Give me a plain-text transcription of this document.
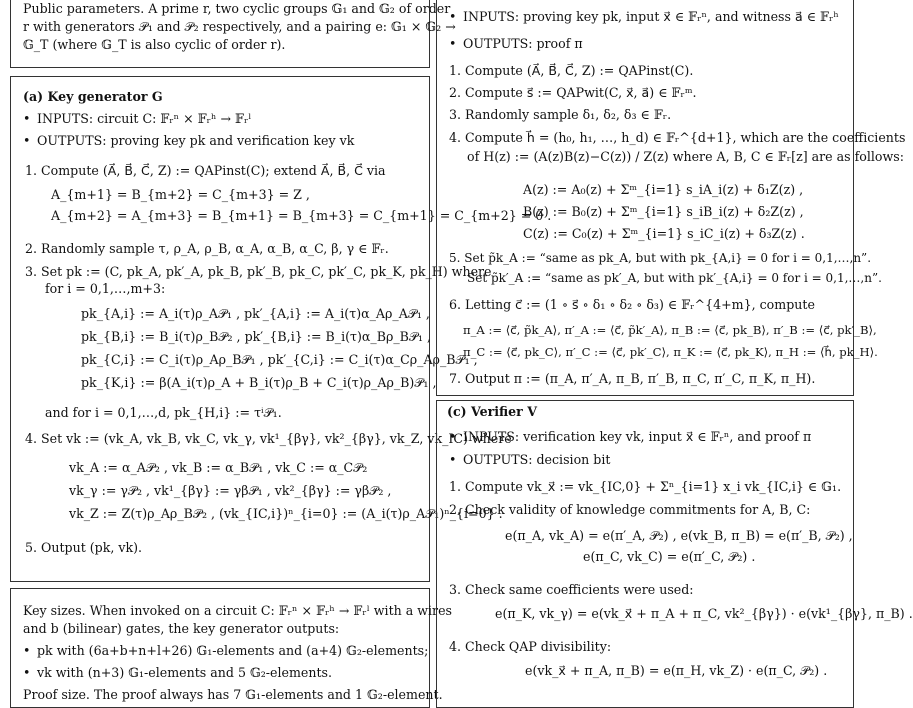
Public parameters. A prime r, two cyclic groups 𝔾₁ and 𝔾₂ of order
r with generators 𝒫₁ and 𝒫₂ respectively, and a pairing e: 𝔾₁ × 𝔾₂ →
𝔾_T (where 𝔾_T is also cyclic of order r).
(a) Key generator G
• INPUTS: circuit C: 𝔽ᵣⁿ × 𝔽ᵣʰ → 𝔽ᵣˡ
• OUTPUTS: proving key pk and verification key vk
1. Compute (A⃗, B⃗, C⃗, Z) := QAPinst(C); extend A⃗, B⃗, C⃗ via
A_{m+1} = B_{m+2} = C_{m+3} = Z ,
A_{m+2} = A_{m+3} = B_{m+1} = B_{m+3} = C_{m+1} = C_{m+2} = 0 .
2. Randomly sample τ, ρ_A, ρ_B, α_A, α_B, α_C, β, γ ∈ 𝔽ᵣ.
3. Set pk := (C, pk_A, pk′_A, pk_B, pk′_B, pk_C, pk′_C, pk_K, pk_H) where
for i = 0,1,…,m+3:
pk_{A,i} := A_i(τ)ρ_A𝒫₁ , pk′_{A,i} := A_i(τ)α_Aρ_A𝒫₁ ,
pk_{B,i} := B_i(τ)ρ_B𝒫₂ , pk′_{B,i} := B_i(τ)α_Bρ_B𝒫₁ ,
pk_{C,i} := C_i(τ)ρ_Aρ_B𝒫₁ , pk′_{C,i} := C_i(τ)α_Cρ_Aρ_B𝒫₁ ,
pk_{K,i} := β(A_i(τ)ρ_A + B_i(τ)ρ_B + C_i(τ)ρ_Aρ_B)𝒫₁ ,
and for i = 0,1,…,d, pk_{H,i} := τⁱ𝒫₁.
4. Set vk := (vk_A, vk_B, vk_C, vk_γ, vk¹_{βγ}, vk²_{βγ}, vk_Z, vk_IC) where
vk_A := α_A𝒫₂ , vk_B := α_B𝒫₁ , vk_C := α_C𝒫₂
vk_γ := γ𝒫₂ , vk¹_{βγ} := γβ𝒫₁ , vk²_{βγ} := γβ𝒫₂ ,
vk_Z := Z(τ)ρ_Aρ_B𝒫₂ , (vk_{IC,i})ⁿ_{i=0} := (A_i(τ)ρ_A𝒫₁)ⁿ_{i=0} .
5. Output (pk, vk).
Key sizes. When invoked on a circuit C: 𝔽ᵣⁿ × 𝔽ᵣʰ → 𝔽ᵣˡ with a wires
and b (bilinear) gates, the key generator outputs:
• pk with (6a+b+n+l+26) 𝔾₁-elements and (a+4) 𝔾₂-elements;
• vk with (n+3) 𝔾₁-elements and 5 𝔾₂-elements.
Proof size. The proof always has 7 𝔾₁-elements and 1 𝔾₂-element.
• INPUTS: proving key pk, input x⃗ ∈ 𝔽ᵣⁿ, and witness a⃗ ∈ 𝔽ᵣʰ
• OUTPUTS: proof π
1. Compute (A⃗, B⃗, C⃗, Z) := QAPinst(C).
2. Compute s⃗ := QAPwit(C, x⃗, a⃗) ∈ 𝔽ᵣᵐ.
3. Randomly sample δ₁, δ₂, δ₃ ∈ 𝔽ᵣ.
4. Compute h⃗ = (h₀, h₁, …, h_d) ∈ 𝔽ᵣ^{d+1}, which are the coefficients
of H(z) := (A(z)B(z)−C(z)) / Z(z) where A, B, C ∈ 𝔽ᵣ[z] are as follows:
A(z) := A₀(z) + Σᵐ_{i=1} s_iA_i(z) + δ₁Z(z) ,
B(z) := B₀(z) + Σᵐ_{i=1} s_iB_i(z) + δ₂Z(z) ,
C(z) := C₀(z) + Σᵐ_{i=1} s_iC_i(z) + δ₃Z(z) .
5. Set p̃k_A := “same as pk_A, but with pk_{A,i} = 0 for i = 0,1,…,n”.
Set p̃k′_A := “same as pk′_A, but with pk′_{A,i} = 0 for i = 0,1,…,n”.
6. Letting c⃗ := (1 ∘ s⃗ ∘ δ₁ ∘ δ₂ ∘ δ₃) ∈ 𝔽ᵣ^{4+m}, compute
π_A := ⟨c⃗, p̃k_A⟩, π′_A := ⟨c⃗, p̃k′_A⟩, π_B := ⟨c⃗, pk_B⟩, π′_B := ⟨c⃗, pk′_B⟩,
π_C := ⟨c⃗, pk_C⟩, π′_C := ⟨c⃗, pk′_C⟩, π_K := ⟨c⃗, pk_K⟩, π_H := ⟨h⃗, pk_H⟩.
7. Output π := (π_A, π′_A, π_B, π′_B, π_C, π′_C, π_K, π_H).
(c) Verifier V
• INPUTS: verification key vk, input x⃗ ∈ 𝔽ᵣⁿ, and proof π
• OUTPUTS: decision bit
1. Compute vk_x⃗ := vk_{IC,0} + Σⁿ_{i=1} x_i vk_{IC,i} ∈ 𝔾₁.
2. Check validity of knowledge commitments for A, B, C:
e(π_A, vk_A) = e(π′_A, 𝒫₂) , e(vk_B, π_B) = e(π′_B, 𝒫₂) ,
e(π_C, vk_C) = e(π′_C, 𝒫₂) .
3. Check same coefficients were used:
e(π_K, vk_γ) = e(vk_x⃗ + π_A + π_C, vk²_{βγ}) · e(vk¹_{βγ}, π_B) .
4. Check QAP divisibility:
e(vk_x⃗ + π_A, π_B) = e(π_H, vk_Z) · e(π_C, 𝒫₂) .
